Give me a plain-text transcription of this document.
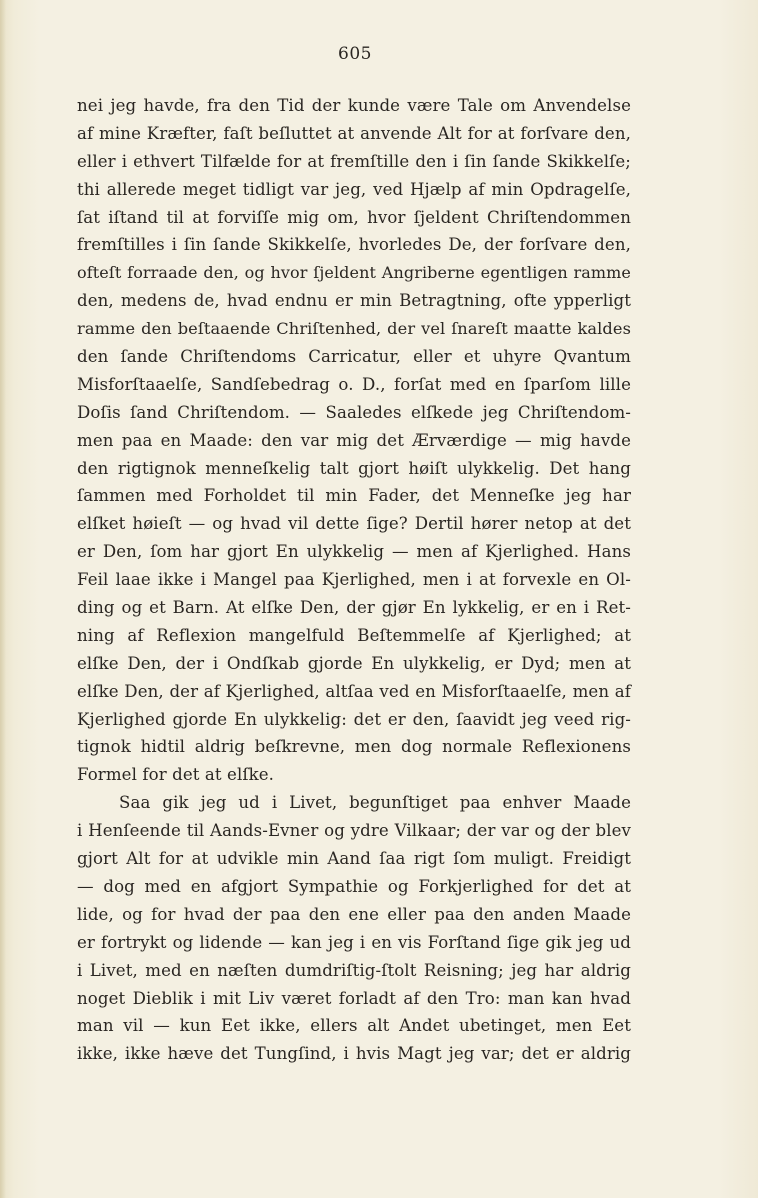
605
nei jeg havde, fra den Tid der kunde være Tale om Anvendelse
af mine Kræfter, faſt beſluttet at anvende Alt for at forſvare den,
eller i ethvert Tilfælde for at fremſtille den i ſin ſande Skikkelſe;
thi allerede meget tidligt var jeg, ved Hjælp af min Opdragelſe,
ſat iſtand til at forviſſe mig om, hvor ſjeldent Chriſtendommen
fremſtilles i ſin ſande Skikkelſe, hvorledes De, der forſvare den,
ofteſt forraade den, og hvor ſjeldent Angriberne egentligen ramme
den, medens de, hvad endnu er min Betragtning, ofte ypperligt
ramme den beſtaaende Chriſtenhed, der vel ſnareſt maatte kaldes
den ſande Chriſtendoms Carricatur, eller et uhyre Qvantum
Misforſtaaelſe, Sandſebedrag o. D., forſat med en ſparſom lille
Doſis ſand Chriſtendom. — Saaledes elſkede jeg Chriſtendom-
men paa en Maade: den var mig det Ærværdige — mig havde
den rigtignok menneſkelig talt gjort høiſt ulykkelig. Det hang
ſammen med Forholdet til min Fader, det Menneſke jeg har
elſket høieſt — og hvad vil dette ſige? Dertil hører netop at det
er Den, ſom har gjort En ulykkelig — men af Kjerlighed. Hans
Feil laae ikke i Mangel paa Kjerlighed, men i at forvexle en Ol-
ding og et Barn. At elſke Den, der gjør En lykkelig, er en i Ret-
ning af Reflexion mangelfuld Beſtemmelſe af Kjerlighed; at
elſke Den, der i Ondſkab gjorde En ulykkelig, er Dyd; men at
elſke Den, der af Kjerlighed, altſaa ved en Misforſtaaelſe, men af
Kjerlighed gjorde En ulykkelig: det er den, ſaavidt jeg veed rig-
tignok hidtil aldrig beſkrevne, men dog normale Reflexionens
Formel for det at elſke.
Saa gik jeg ud i Livet, begunſtiget paa enhver Maade
i Henſeende til Aands-Evner og ydre Vilkaar; der var og der blev
gjort Alt for at udvikle min Aand ſaa rigt ſom muligt. Freidigt
— dog med en afgjort Sympathie og Forkjerlighed for det at
lide, og for hvad der paa den ene eller paa den anden Maade
er fortrykt og lidende — kan jeg i en vis Forſtand ſige gik jeg ud
i Livet, med en næſten dumdriſtig-ſtolt Reisning; jeg har aldrig
noget Dieblik i mit Liv været forladt af den Tro: man kan hvad
man vil — kun Eet ikke, ellers alt Andet ubetinget, men Eet
ikke, ikke hæve det Tungſind, i hvis Magt jeg var; det er aldrig
